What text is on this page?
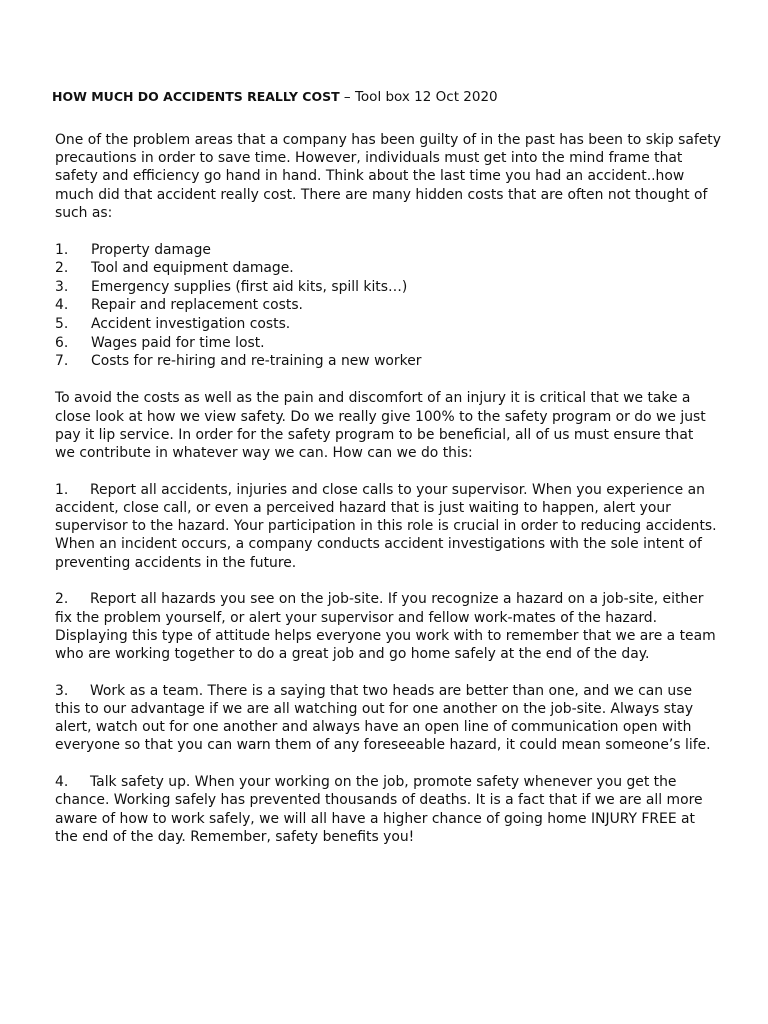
HOW MUCH DO ACCIDENTS REALLY COST – Tool box 12 Oct 2020

One of the problem areas that a company has been guilty of in the past has been to skip safety
precautions in order to save time. However, individuals must get into the mind frame that
safety and efficiency go hand in hand. Think about the last time you had an accident..how
much did that accident really cost. There are many hidden costs that are often not thought of
such as:

1.	Property damage
2.	Tool and equipment damage.
3.	Emergency supplies (first aid kits, spill kits…)
4.	Repair and replacement costs.
5.	Accident investigation costs.
6.	Wages paid for time lost.
7.	Costs for re-hiring and re-training a new worker

To avoid the costs as well as the pain and discomfort of an injury it is critical that we take a
close look at how we view safety. Do we really give 100% to the safety program or do we just
pay it lip service. In order for the safety program to be beneficial, all of us must ensure that
we contribute in whatever way we can. How can we do this:

1. Report all accidents, injuries and close calls to your supervisor. When you experience an
accident, close call, or even a perceived hazard that is just waiting to happen, alert your
supervisor to the hazard. Your participation in this role is crucial in order to reducing accidents.
When an incident occurs, a company conducts accident investigations with the sole intent of
preventing accidents in the future.

2. Report all hazards you see on the job-site. If you recognize a hazard on a job-site, either
fix the problem yourself, or alert your supervisor and fellow work-mates of the hazard.
Displaying this type of attitude helps everyone you work with to remember that we are a team
who are working together to do a great job and go home safely at the end of the day.

3. Work as a team. There is a saying that two heads are better than one, and we can use
this to our advantage if we are all watching out for one another on the job-site. Always stay
alert, watch out for one another and always have an open line of communication open with
everyone so that you can warn them of any foreseeable hazard, it could mean someone’s life.

4. Talk safety up. When your working on the job, promote safety whenever you get the
chance. Working safely has prevented thousands of deaths. It is a fact that if we are all more
aware of how to work safely, we will all have a higher chance of going home INJURY FREE at
the end of the day. Remember, safety benefits you!
